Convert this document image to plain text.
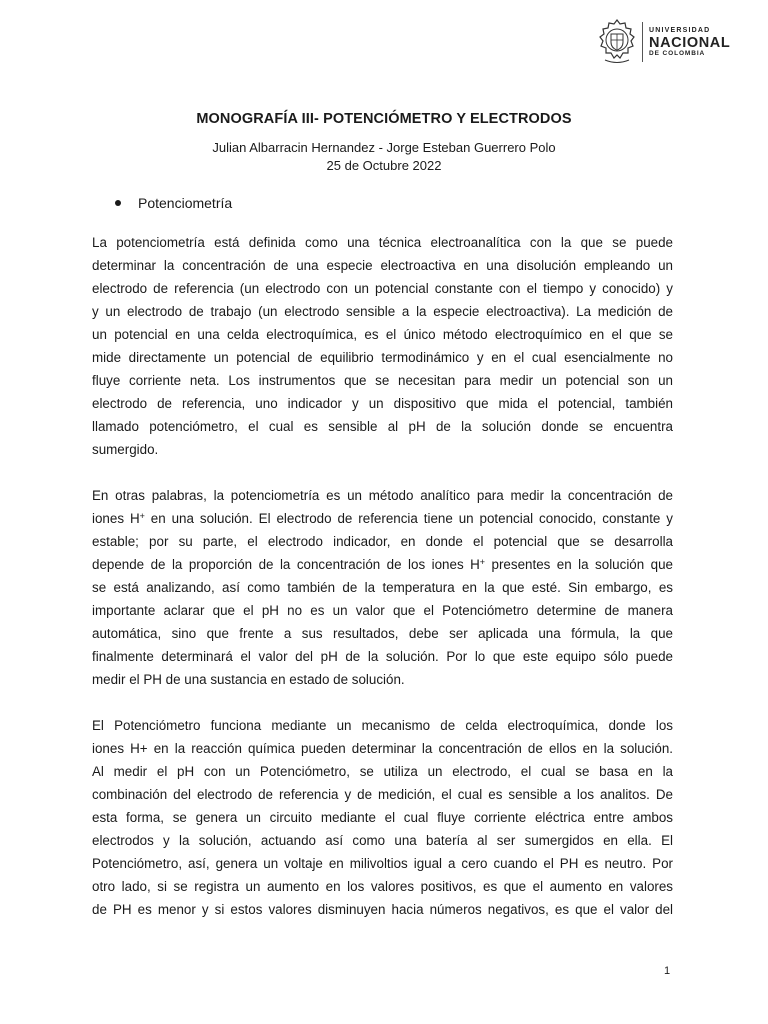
UNIVERSIDAD
NACIONAL
DE COLOMBIA
MONOGRAFÍA III- POTENCIÓMETRO Y ELECTRODOS
Julian Albarracin Hernandez - Jorge Esteban Guerrero Polo
25 de Octubre 2022
Potenciometría

La potenciometría está definida como una técnica electroanalítica con la que se puede
determinar la concentración de una especie electroactiva en una disolución empleando un
electrodo de referencia (un electrodo con un potencial constante con el tiempo y conocido) y
y un electrodo de trabajo (un electrodo sensible a la especie electroactiva). La medición de
un potencial en una celda electroquímica, es el único método electroquímico en el que se
mide directamente un potencial de equilibrio termodinámico y en el cual esencialmente no
fluye corriente neta. Los instrumentos que se necesitan para medir un potencial son un
electrodo de referencia, uno indicador y un dispositivo que mida el potencial, también
llamado potenciómetro, el cual es sensible al pH de la solución donde se encuentra
sumergido.

En otras palabras, la potenciometría es un método analítico para medir la concentración de
iones H+ en una solución. El electrodo de referencia tiene un potencial conocido, constante y
estable; por su parte, el electrodo indicador, en donde el potencial que se desarrolla
depende de la proporción de la concentración de los iones H+ presentes en la solución que
se está analizando, así como también de la temperatura en la que esté. Sin embargo, es
importante aclarar que el pH no es un valor que el Potenciómetro determine de manera
automática, sino que frente a sus resultados, debe ser aplicada una fórmula, la que
finalmente determinará el valor del pH de la solución. Por lo que este equipo sólo puede
medir el PH de una sustancia en estado de solución.

El Potenciómetro funciona mediante un mecanismo de celda electroquímica, donde los
iones H+ en la reacción química pueden determinar la concentración de ellos en la solución.
Al medir el pH con un Potenciómetro, se utiliza un electrodo, el cual se basa en la
combinación del electrodo de referencia y de medición, el cual es sensible a los analitos. De
esta forma, se genera un circuito mediante el cual fluye corriente eléctrica entre ambos
electrodos y la solución, actuando así como una batería al ser sumergidos en ella. El
Potenciómetro, así, genera un voltaje en milivoltios igual a cero cuando el PH es neutro. Por
otro lado, si se registra un aumento en los valores positivos, es que el aumento en valores
de PH es menor y si estos valores disminuyen hacia números negativos, es que el valor del

1
